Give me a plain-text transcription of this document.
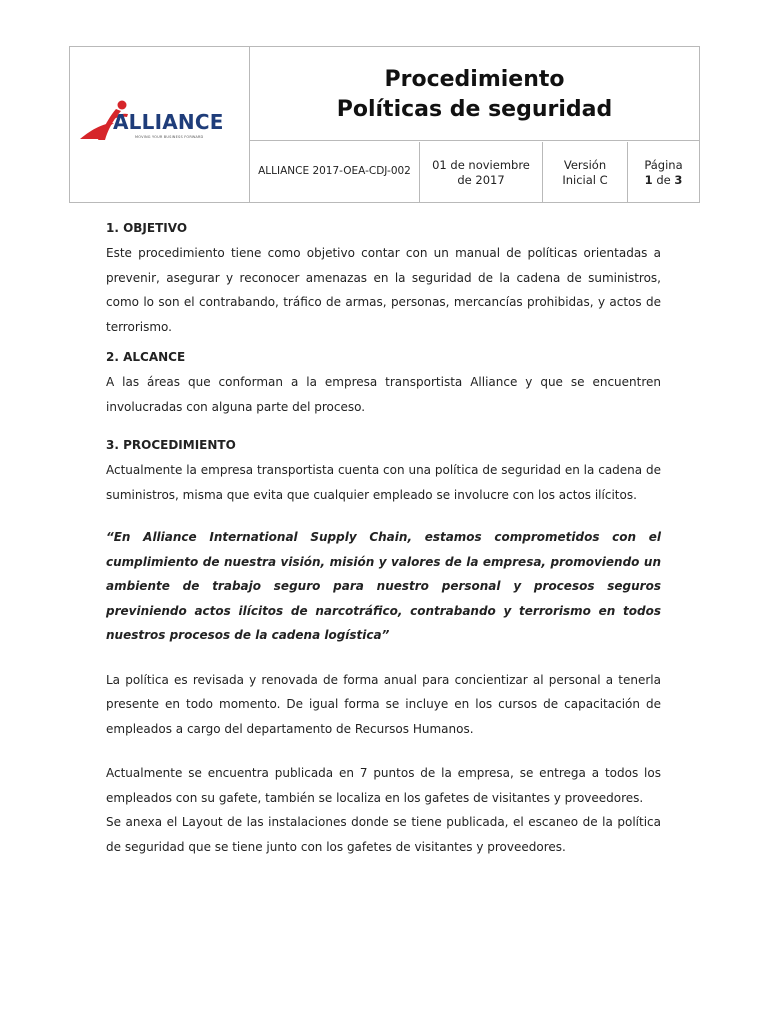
ALLIANCE
MOVING YOUR BUSINESS FORWARD
Procedimiento
Políticas de seguridad
ALLIANCE 2017-OEA-CDJ-002	01 de noviembre
de 2017
Versión
Inicial C
Página
1 de 3

1. OBJETIVO

Este procedimiento tiene como objetivo contar con un manual de políticas orientadas a prevenir, asegurar y reconocer amenazas en la seguridad de la cadena de suministros, como lo son el contrabando, tráfico de armas, personas, mercancías prohibidas, y actos de terrorismo.

2. ALCANCE

A las áreas que conforman a la empresa transportista Alliance y que se encuentren involucradas con alguna parte del proceso.

3. PROCEDIMIENTO

Actualmente la empresa transportista cuenta con una política de seguridad en la cadena de suministros, misma que evita que cualquier empleado se involucre con los actos ilícitos.

“En Alliance International Supply Chain, estamos comprometidos con el cumplimiento de nuestra visión, misión y valores de la empresa, promoviendo un ambiente de trabajo seguro para nuestro personal y procesos seguros previniendo actos ilícitos de narcotráfico, contrabando y terrorismo en todos nuestros procesos de la cadena logística”

La política es revisada y renovada de forma anual para concientizar al personal a tenerla presente en todo momento. De igual forma se incluye en los cursos de capacitación de empleados a cargo del departamento de Recursos Humanos.

Actualmente se encuentra publicada en 7 puntos de la empresa, se entrega a todos los empleados con su gafete, también se localiza en los gafetes de visitantes y proveedores.

Se anexa el Layout de las instalaciones donde se tiene publicada, el escaneo de la política de seguridad que se tiene junto con los gafetes de visitantes y proveedores.
